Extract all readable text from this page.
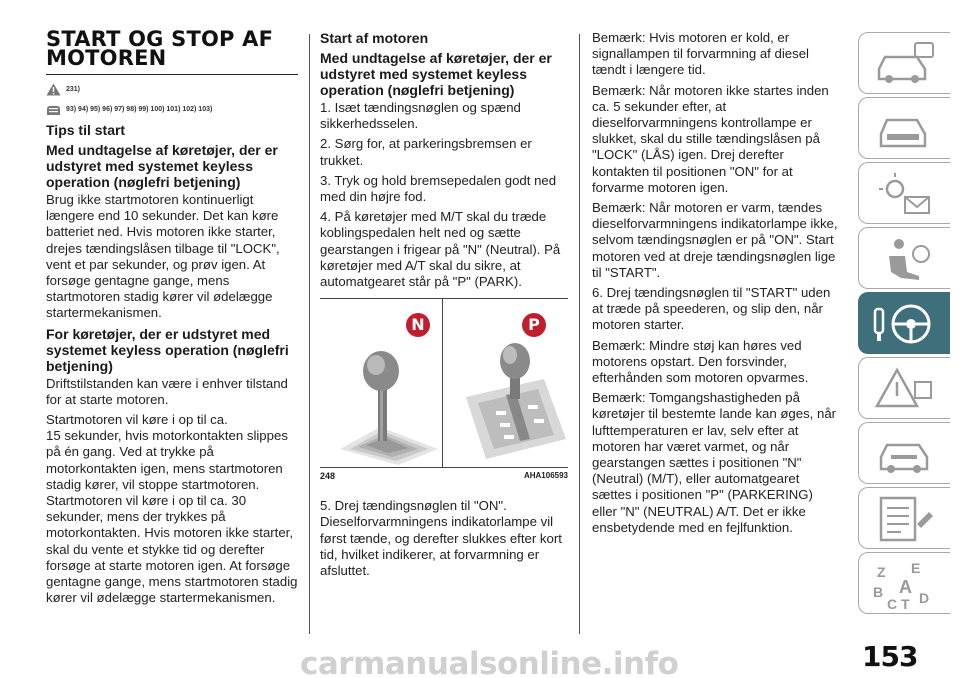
START OG STOP AF MOTOREN
231)
93) 94) 95) 96) 97) 98) 99) 100) 101) 102) 103)
Tips til start
Med undtagelse af køretøjer, der er udstyret med systemet keyless operation (nøglefri betjening)

Brug ikke startmotoren kontinuerligt længere end 10 sekunder. Det kan køre batteriet ned. Hvis motoren ikke starter, drejes tændingslåsen tilbage til "LOCK", vent et par sekunder, og prøv igen. At forsøge gentagne gange, mens startmotoren stadig kører vil ødelægge startermekanismen.

For køretøjer, der er udstyret med systemet keyless operation (nøglefri betjening)

Driftstilstanden kan være i enhver tilstand for at starte motoren.

Startmotoren vil køre i op til ca.

15 sekunder, hvis motorkontakten slippes på én gang. Ved at trykke på motorkontakten igen, mens startmotoren stadig kører, vil stoppe startmotoren. Startmotoren vil køre i op til ca. 30 sekunder, mens der trykkes på motorkontakten. Hvis motoren ikke starter, skal du vente et stykke tid og derefter forsøge at starte motoren igen. At forsøge gentagne gange, mens startmotoren stadig kører vil ødelægge startermekanismen.

Start af motoren
Med undtagelse af køretøjer, der er udstyret med systemet keyless operation (nøglefri betjening)

1. Isæt tændingsnøglen og spænd sikkerhedsselen.

2. Sørg for, at parkeringsbremsen er trukket.

3. Tryk og hold bremsepedalen godt ned med din højre fod.

4. På køretøjer med M/T skal du træde koblingspedalen helt ned og sætte gearstangen i frigear på "N" (Neutral). På køretøjer med A/T skal du sikre, at automatgearet står på "P" (PARK).

N	P
248	AHA106593

5. Drej tændingsnøglen til "ON". Dieselforvarmningens indikatorlampe vil først tænde, og derefter slukkes efter kort tid, hvilket indikerer, at forvarmning er afsluttet.

Bemærk: Hvis motoren er kold, er signallampen til forvarmning af diesel tændt i længere tid.

Bemærk: Når motoren ikke startes inden ca. 5 sekunder efter, at dieselforvarmningens kontrollampe er slukket, skal du stille tændingslåsen på "LOCK" (LÅS) igen. Drej derefter kontakten til positionen "ON" for at forvarme motoren igen.

Bemærk: Når motoren er varm, tændes dieselforvarmningens indikatorlampe ikke, selvom tændingsnøglen er på "ON". Start motoren ved at dreje tændingsnøglen lige til "START".

6. Drej tændingsnøglen til "START" uden at træde på speederen, og slip den, når motoren starter.

Bemærk: Mindre støj kan høres ved motorens opstart. Den forsvinder, efterhånden som motoren opvarmes.

Bemærk: Tomgangshastigheden på køretøjer til bestemte lande kan øges, når lufttemperaturen er lav, selv efter at motoren har været varmet, og når gearstangen sættes i positionen "N" (Neutral) (M/T), eller automatgearet sættes i positionen "P" (PARKERING) eller "N" (NEUTRAL) A/T. Det er ikke ensbetydende med en fejlfunktion.

Z E
B A
C T D
153
carmanualsonline.info
